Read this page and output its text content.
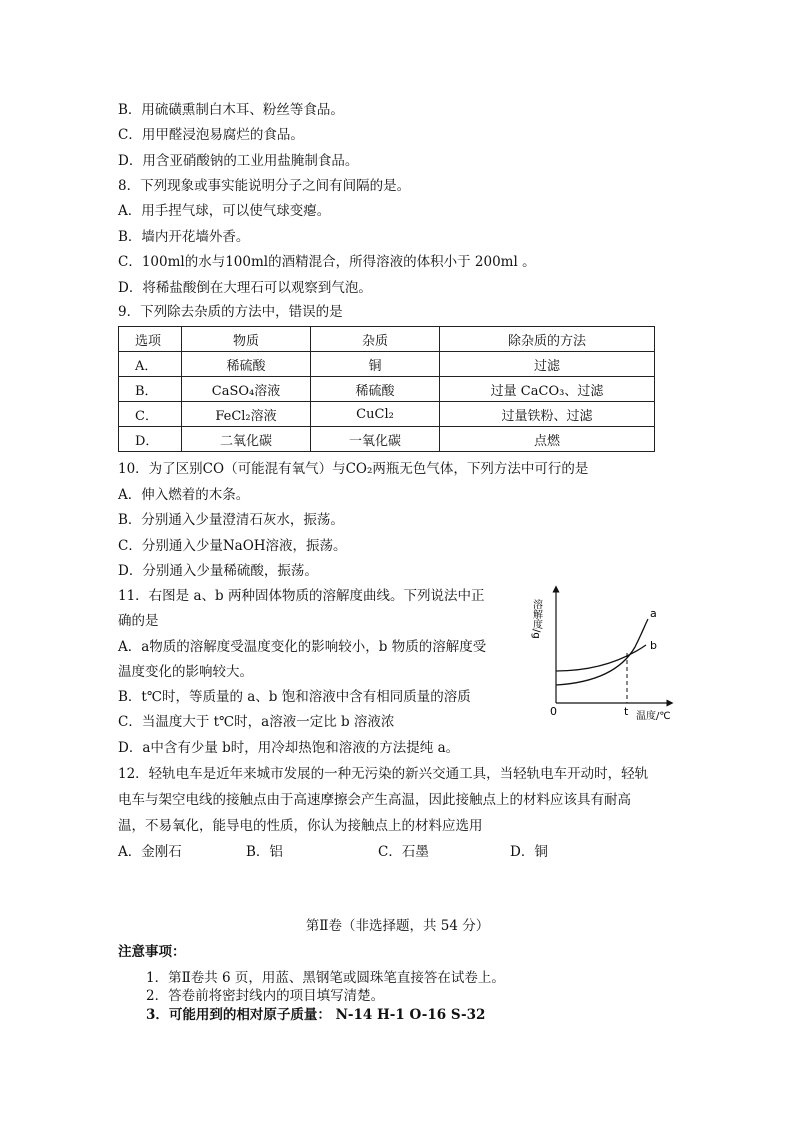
B．用硫磺熏制白木耳、粉丝等食品。
C．用甲醛浸泡易腐烂的食品。
D．用含亚硝酸钠的工业用盐腌制食品。
8．下列现象或事实能说明分子之间有间隔的是。
A．用手捏气球，可以使气球变瘪。
B．墙内开花墙外香。
C．100ml的水与100ml的酒精混合，所得溶液的体积小于 200ml 。
D．将稀盐酸倒在大理石可以观察到气泡。
9．下列除去杂质的方法中，错误的是
选项	物质	杂质	除杂质的方法
A．	稀硫酸	铜	过滤
B．	CaSO₄溶液	稀硫酸	过量 CaCO₃、过滤
C．	FeCl₂溶液	CuCl₂	过量铁粉、过滤
D．	二氧化碳	一氧化碳	点燃
10．为了区别CO（可能混有氧气）与CO₂两瓶无色气体，下列方法中可行的是
A．伸入燃着的木条。
B．分别通入少量澄清石灰水，振荡。
C．分别通入少量NaOH溶液，振荡。
D．分别通入少量稀硫酸，振荡。
11．右图是 a、b 两种固体物质的溶解度曲线。下列说法中正
确的是
A．a物质的溶解度受温度变化的影响较小，b 物质的溶解度受
温度变化的影响较大。
B．t℃时，等质量的 a、b 饱和溶液中含有相同质量的溶质
C．当温度大于 t℃时，a溶液一定比 b 溶液浓
D．a中含有少量 b时，用冷却热饱和溶液的方法提纯 a。
溶解度/g
0	t 温度/℃
a
b
12．轻轨电车是近年来城市发展的一种无污染的新兴交通工具，当轻轨电车开动时，轻轨
电车与架空电线的接触点由于高速摩擦会产生高温，因此接触点上的材料应该具有耐高
温，不易氧化，能导电的性质，你认为接触点上的材料应选用
A．金刚石	B．铝	C．石墨	D．铜
第Ⅱ卷（非选择题，共 54 分）
注意事项：
1．第Ⅱ卷共 6 页，用蓝、黑钢笔或圆珠笔直接答在试卷上。
2．答卷前将密封线内的项目填写清楚。
3．可能用到的相对原子质量： N-14 H-1 O-16 S-32
